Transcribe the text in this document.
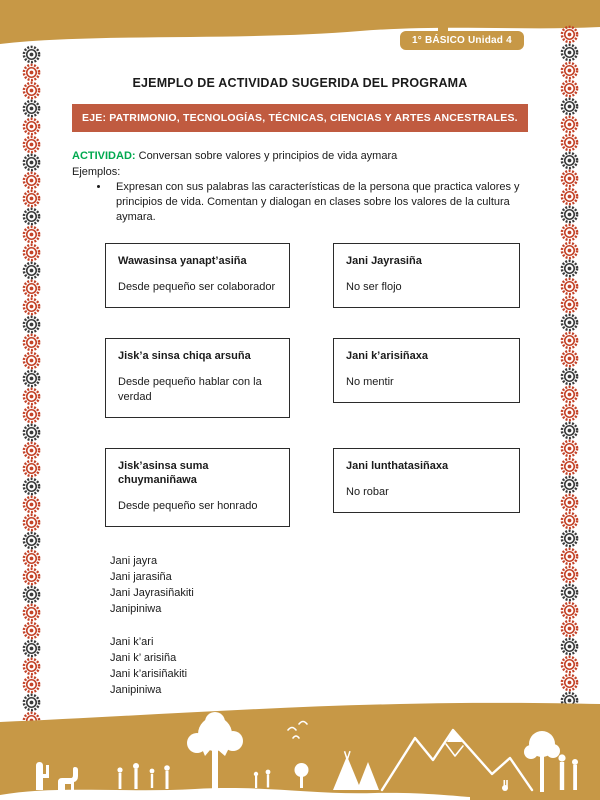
1° BÁSICO Unidad 4
EJEMPLO DE ACTIVIDAD SUGERIDA DEL PROGRAMA
EJE: PATRIMONIO, TECNOLOGÍAS, TÉCNICAS, CIENCIAS Y ARTES ANCESTRALES.

ACTIVIDAD: Conversan sobre valores y principios de vida aymara

Ejemplos:

• Expresan con sus palabras las características de la persona que practica valores y principios de vida. Comentan y dialogan en clases sobre los valores de la cultura aymara.
Wawasinsa yanapt’asiña
Desde pequeño ser colaborador
Jani Jayrasiña
No ser flojo
Jisk’a sinsa chiqa arsuña
Desde pequeño hablar con la verdad
Jani k’arisiñaxa
No mentir
Jisk’asinsa suma chuymaniñawa
Desde pequeño ser honrado
Jani lunthatasiñaxa
No robar
Jani jayra
Jani jarasiña
Jani Jayrasiñakiti
Janipiniwa
Jani k’ari
Jani k’ arisiña
Jani k’arisiñakiti
Janipiniwa
